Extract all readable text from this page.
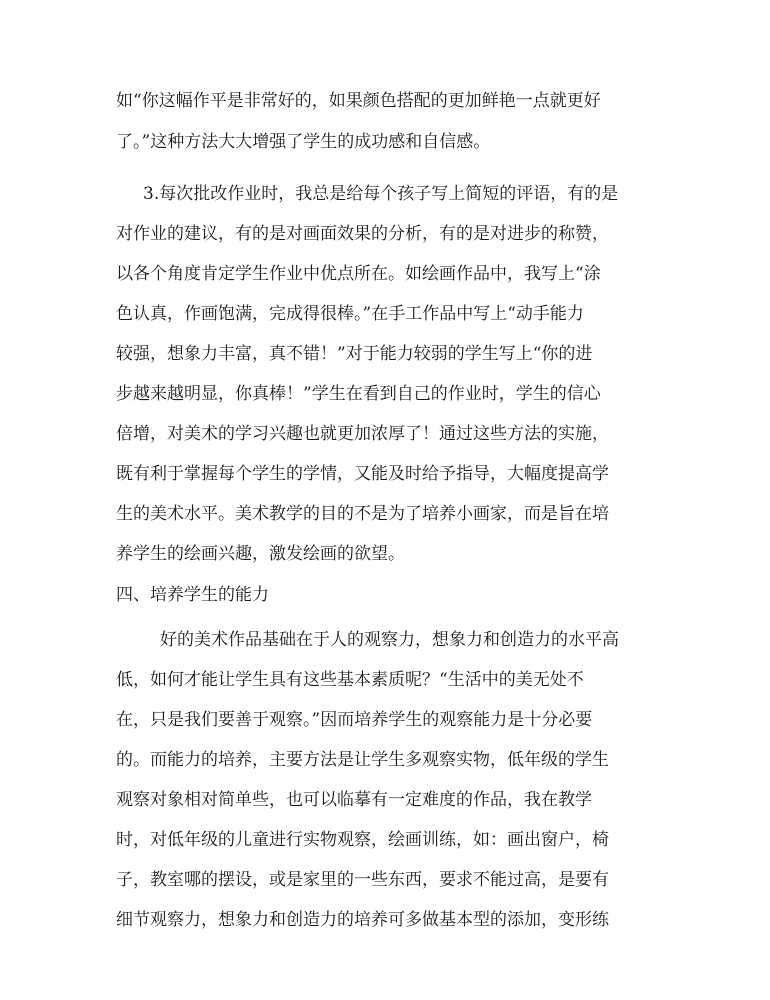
如“你这幅作平是非常好的，如果颜色搭配的更加鲜艳一点就更好
了。”这种方法大大增强了学生的成功感和自信感。
3.每次批改作业时，我总是给每个孩子写上简短的评语，有的是
对作业的建议，有的是对画面效果的分析，有的是对进步的称赞，
以各个角度肯定学生作业中优点所在。如绘画作品中，我写上“涂
色认真，作画饱满，完成得很棒。”在手工作品中写上“动手能力
较强，想象力丰富，真不错！”对于能力较弱的学生写上“你的进
步越来越明显，你真棒！”学生在看到自己的作业时，学生的信心
倍增，对美术的学习兴趣也就更加浓厚了！通过这些方法的实施，
既有利于掌握每个学生的学情，又能及时给予指导，大幅度提高学
生的美术水平。美术教学的目的不是为了培养小画家，而是旨在培
养学生的绘画兴趣，激发绘画的欲望。
四、培养学生的能力
好的美术作品基础在于人的观察力，想象力和创造力的水平高
低，如何才能让学生具有这些基本素质呢？“生活中的美无处不
在，只是我们要善于观察。”因而培养学生的观察能力是十分必要
的。而能力的培养，主要方法是让学生多观察实物，低年级的学生
观察对象相对简单些，也可以临摹有一定难度的作品，我在教学
时，对低年级的儿童进行实物观察，绘画训练，如：画出窗户，椅
子，教室哪的摆设，或是家里的一些东西，要求不能过高，是要有
细节观察力，想象力和创造力的培养可多做基本型的添加，变形练
